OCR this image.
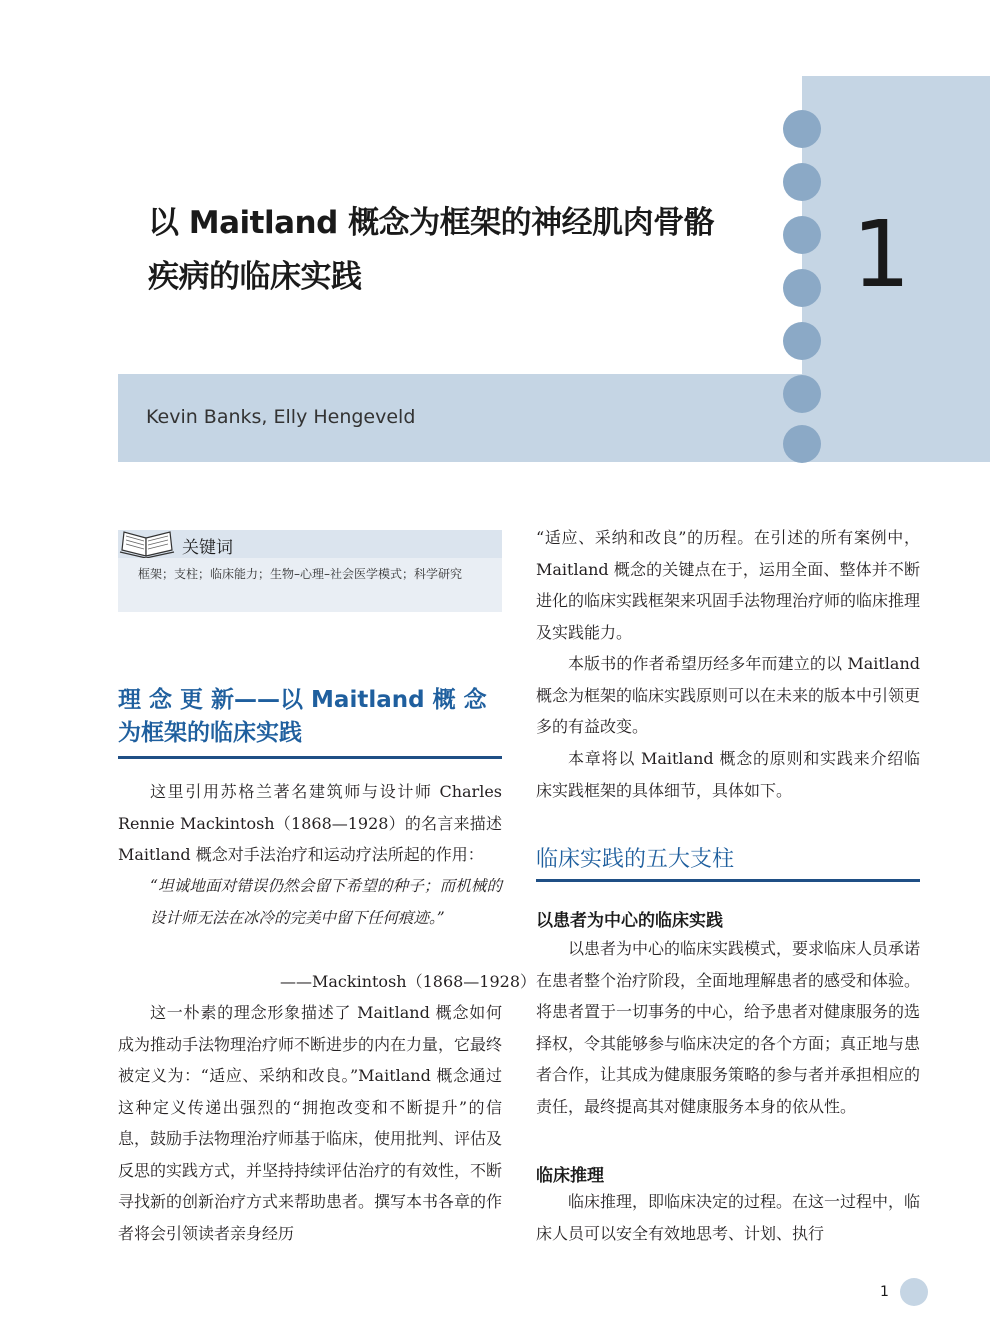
以 Maitland 概念为框架的神经肌肉骨骼
疾病的临床实践	1
Kevin Banks, Elly Hengeveld
关键词
框架；支柱；临床能力；生物–心理–社会医学模式；科学研究
理 念 更 新——以 Maitland 概 念
为框架的临床实践
这里引用苏格兰著名建筑师与设计师 Charles Rennie Mackintosh（1868—1928）的名言来描述 Maitland 概念对手法治疗和运动疗法所起的作用：
“坦诚地面对错误仍然会留下希望的种子；而机械的设计师无法在冰冷的完美中留下任何痕迹。”
——Mackintosh（1868—1928）
这一朴素的理念形象描述了 Maitland 概念如何成为推动手法物理治疗师不断进步的内在力量，它最终被定义为：“适应、采纳和改良。”Maitland 概念通过这种定义传递出强烈的“拥抱改变和不断提升”的信息，鼓励手法物理治疗师基于临床，使用批判、评估及反思的实践方式，并坚持持续评估治疗的有效性，不断寻找新的创新治疗方式来帮助患者。撰写本书各章的作者将会引领读者亲身经历
“适应、采纳和改良”的历程。在引述的所有案例中，Maitland 概念的关键点在于，运用全面、整体并不断进化的临床实践框架来巩固手法物理治疗师的临床推理及实践能力。
本版书的作者希望历经多年而建立的以 Maitland 概念为框架的临床实践原则可以在未来的版本中引领更多的有益改变。
本章将以 Maitland 概念的原则和实践来介绍临床实践框架的具体细节，具体如下。
临床实践的五大支柱
以患者为中心的临床实践
以患者为中心的临床实践模式，要求临床人员承诺在患者整个治疗阶段，全面地理解患者的感受和体验。将患者置于一切事务的中心，给予患者对健康服务的选择权，令其能够参与临床决定的各个方面；真正地与患者合作，让其成为健康服务策略的参与者并承担相应的责任，最终提高其对健康服务本身的依从性。
临床推理
临床推理，即临床决定的过程。在这一过程中，临床人员可以安全有效地思考、计划、执行
1
